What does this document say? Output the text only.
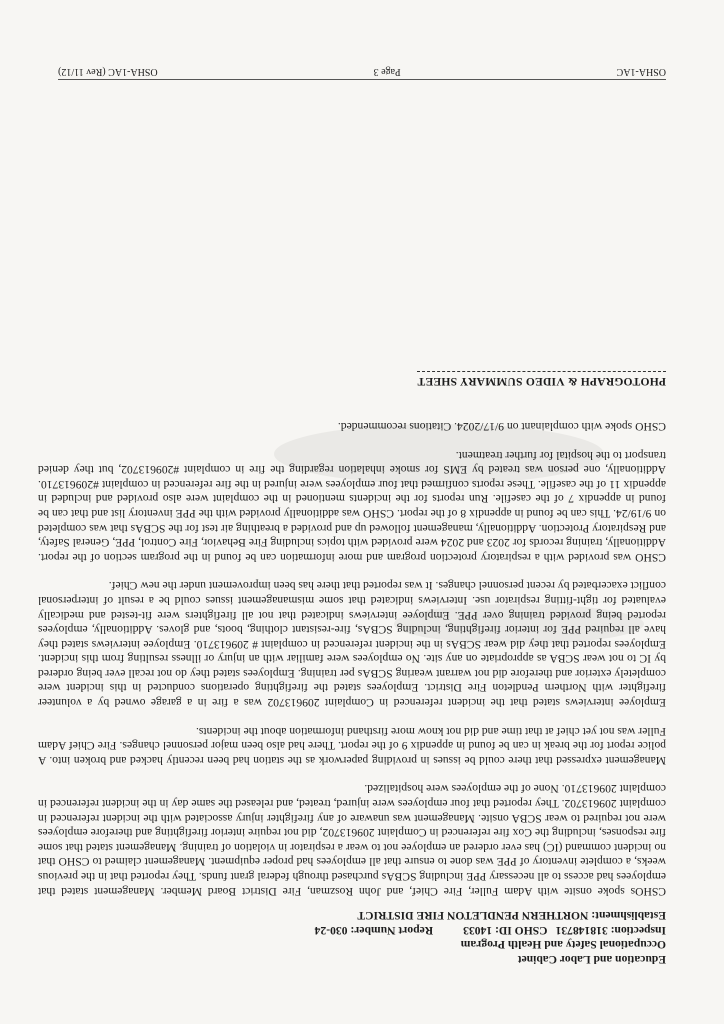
Education and Labor Cabinet
Occupational Safety and Health Program
Inspection: 318148731
CSHO ID: 14033
Report Number: 030-24
Establishment: NORTHERN PENDLETON FIRE DISTRICT

CSHOs spoke onsite with Adam Fuller, Fire Chief, and John Roszman, Fire District Board Member. Management stated that employees had access to all necessary PPE including SCBAs purchased through federal grant funds. They reported that in the previous weeks, a complete inventory of PPE was done to ensure that all employees had proper equipment. Management claimed to CSHO that no incident command (IC) has ever ordered an employee not to wear a respirator in violation of training. Management stated that some fire responses, including the Cox fire referenced in Complaint 209613702, did not require interior firefighting and therefore employees were not required to wear SCBA onsite. Management was unaware of any firefighter injury associated with the incident referenced in complaint 209613702. They reported that four employees were injured, treated, and released the same day in the incident referenced in complaint 209613710. None of the employees were hospitalized.

Management expressed that there could be issues in providing paperwork as the station had been recently hacked and broken into. A police report for the break in can be found in appendix 9 of the report. There had also been major personnel changes. Fire Chief Adam Fuller was not yet chief at that time and did not know more firsthand information about the incidents.

Employee interviews stated that the incident referenced in Complaint 209613702 was a fire in a garage owned by a volunteer firefighter with Northern Pendleton Fire District. Employees stated the firefighting operations conducted in this incident were completely exterior and therefore did not warrant wearing SCBAs per training. Employees stated they do not recall ever being ordered by IC to not wear SCBA as appropriate on any site. No employees were familiar with an injury or illness resulting from this incident. Employees reported that they did wear SCBAs in the incident referenced in complaint # 209613710. Employee interviews stated they have all required PPE for interior firefighting, including SCBAs, fire-resistant clothing, boots, and gloves. Additionally, employees reported being provided training over PPE. Employee interviews indicated that not all firefighters were fit-tested and medically evaluated for tight-fitting respirator use. Interviews indicated that some mismanagement issues could be a result of interpersonal conflict exacerbated by recent personnel changes. It was reported that there has been improvement under the new Chief.

CSHO was provided with a respiratory protection program and more information can be found in the program section of the report. Additionally, training records for 2023 and 2024 were provided with topics including Fire Behavior, Fire Control, PPE, General Safety, and Respiratory Protection. Additionally, management followed up and provided a breathing air test for the SCBAs that was completed on 9/19/24. This can be found in appendix 8 of the report. CSHO was additionally provided with the PPE inventory list and that can be found in appendix 7 of the casefile. Run reports for the incidents mentioned in the complaint were also provided and included in appendix 11 of the casefile. These reports confirmed that four employees were injured in the fire referenced in complaint #209613710. Additionally, one person was treated by EMS for smoke inhalation regarding the fire in complaint #209613702, but they denied transport to the hospital for further treatment.

CSHO spoke with complainant on 9/17/2024. Citations recommended.

PHOTOGRAPH & VIDEO SUMMARY SHEET
OSHA-1AC
Page 3
OSHA-1AC (Rev 11/12)
